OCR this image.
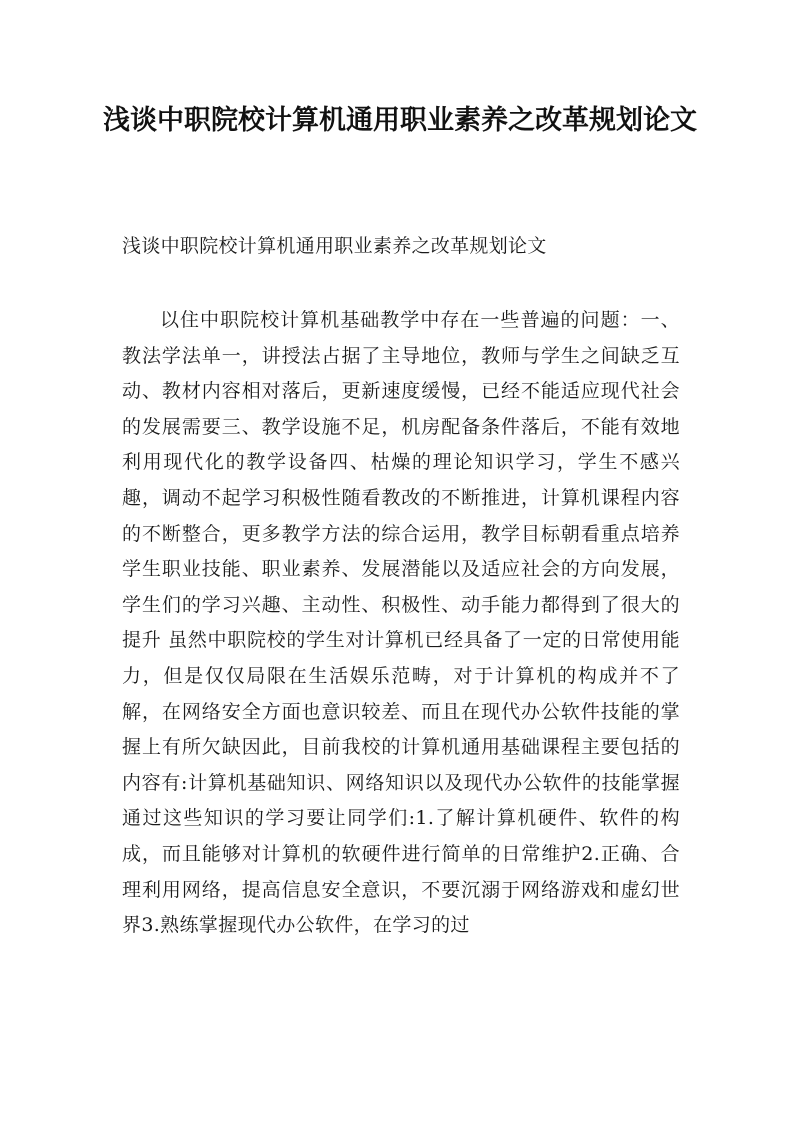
浅谈中职院校计算机通用职业素养之改革规划论文

浅谈中职院校计算机通用职业素养之改革规划论文

以住中职院校计算机基础教学中存在一些普遍的问题：一、教法学法单一，讲授法占据了主导地位，教师与学生之间缺乏互动、教材内容相对落后，更新速度缓慢，已经不能适应现代社会的发展需要三、教学设施不足，机房配备条件落后，不能有效地利用现代化的教学设备四、枯燥的理论知识学习，学生不感兴趣，调动不起学习积极性随看教改的不断推进，计算机课程内容的不断整合，更多教学方法的综合运用，教学目标朝看重点培养学生职业技能、职业素养、发展潜能以及适应社会的方向发展，学生们的学习兴趣、主动性、积极性、动手能力都得到了很大的提升 虽然中职院校的学生对计算机已经具备了一定的日常使用能力，但是仅仅局限在生活娱乐范畴，对于计算机的构成并不了解，在网络安全方面也意识较差、而且在现代办公软件技能的掌握上有所欠缺因此，目前我校的计算机通用基础课程主要包括的内容有:计算机基础知识、网络知识以及现代办公软件的技能掌握通过这些知识的学习要让同学们:1.了解计算机硬件、软件的构成，而且能够对计算机的软硬件进行简单的日常维护2.正确、合理利用网络，提高信息安全意识，不要沉溺于网络游戏和虚幻世界3.熟练掌握现代办公软件，在学习的过
